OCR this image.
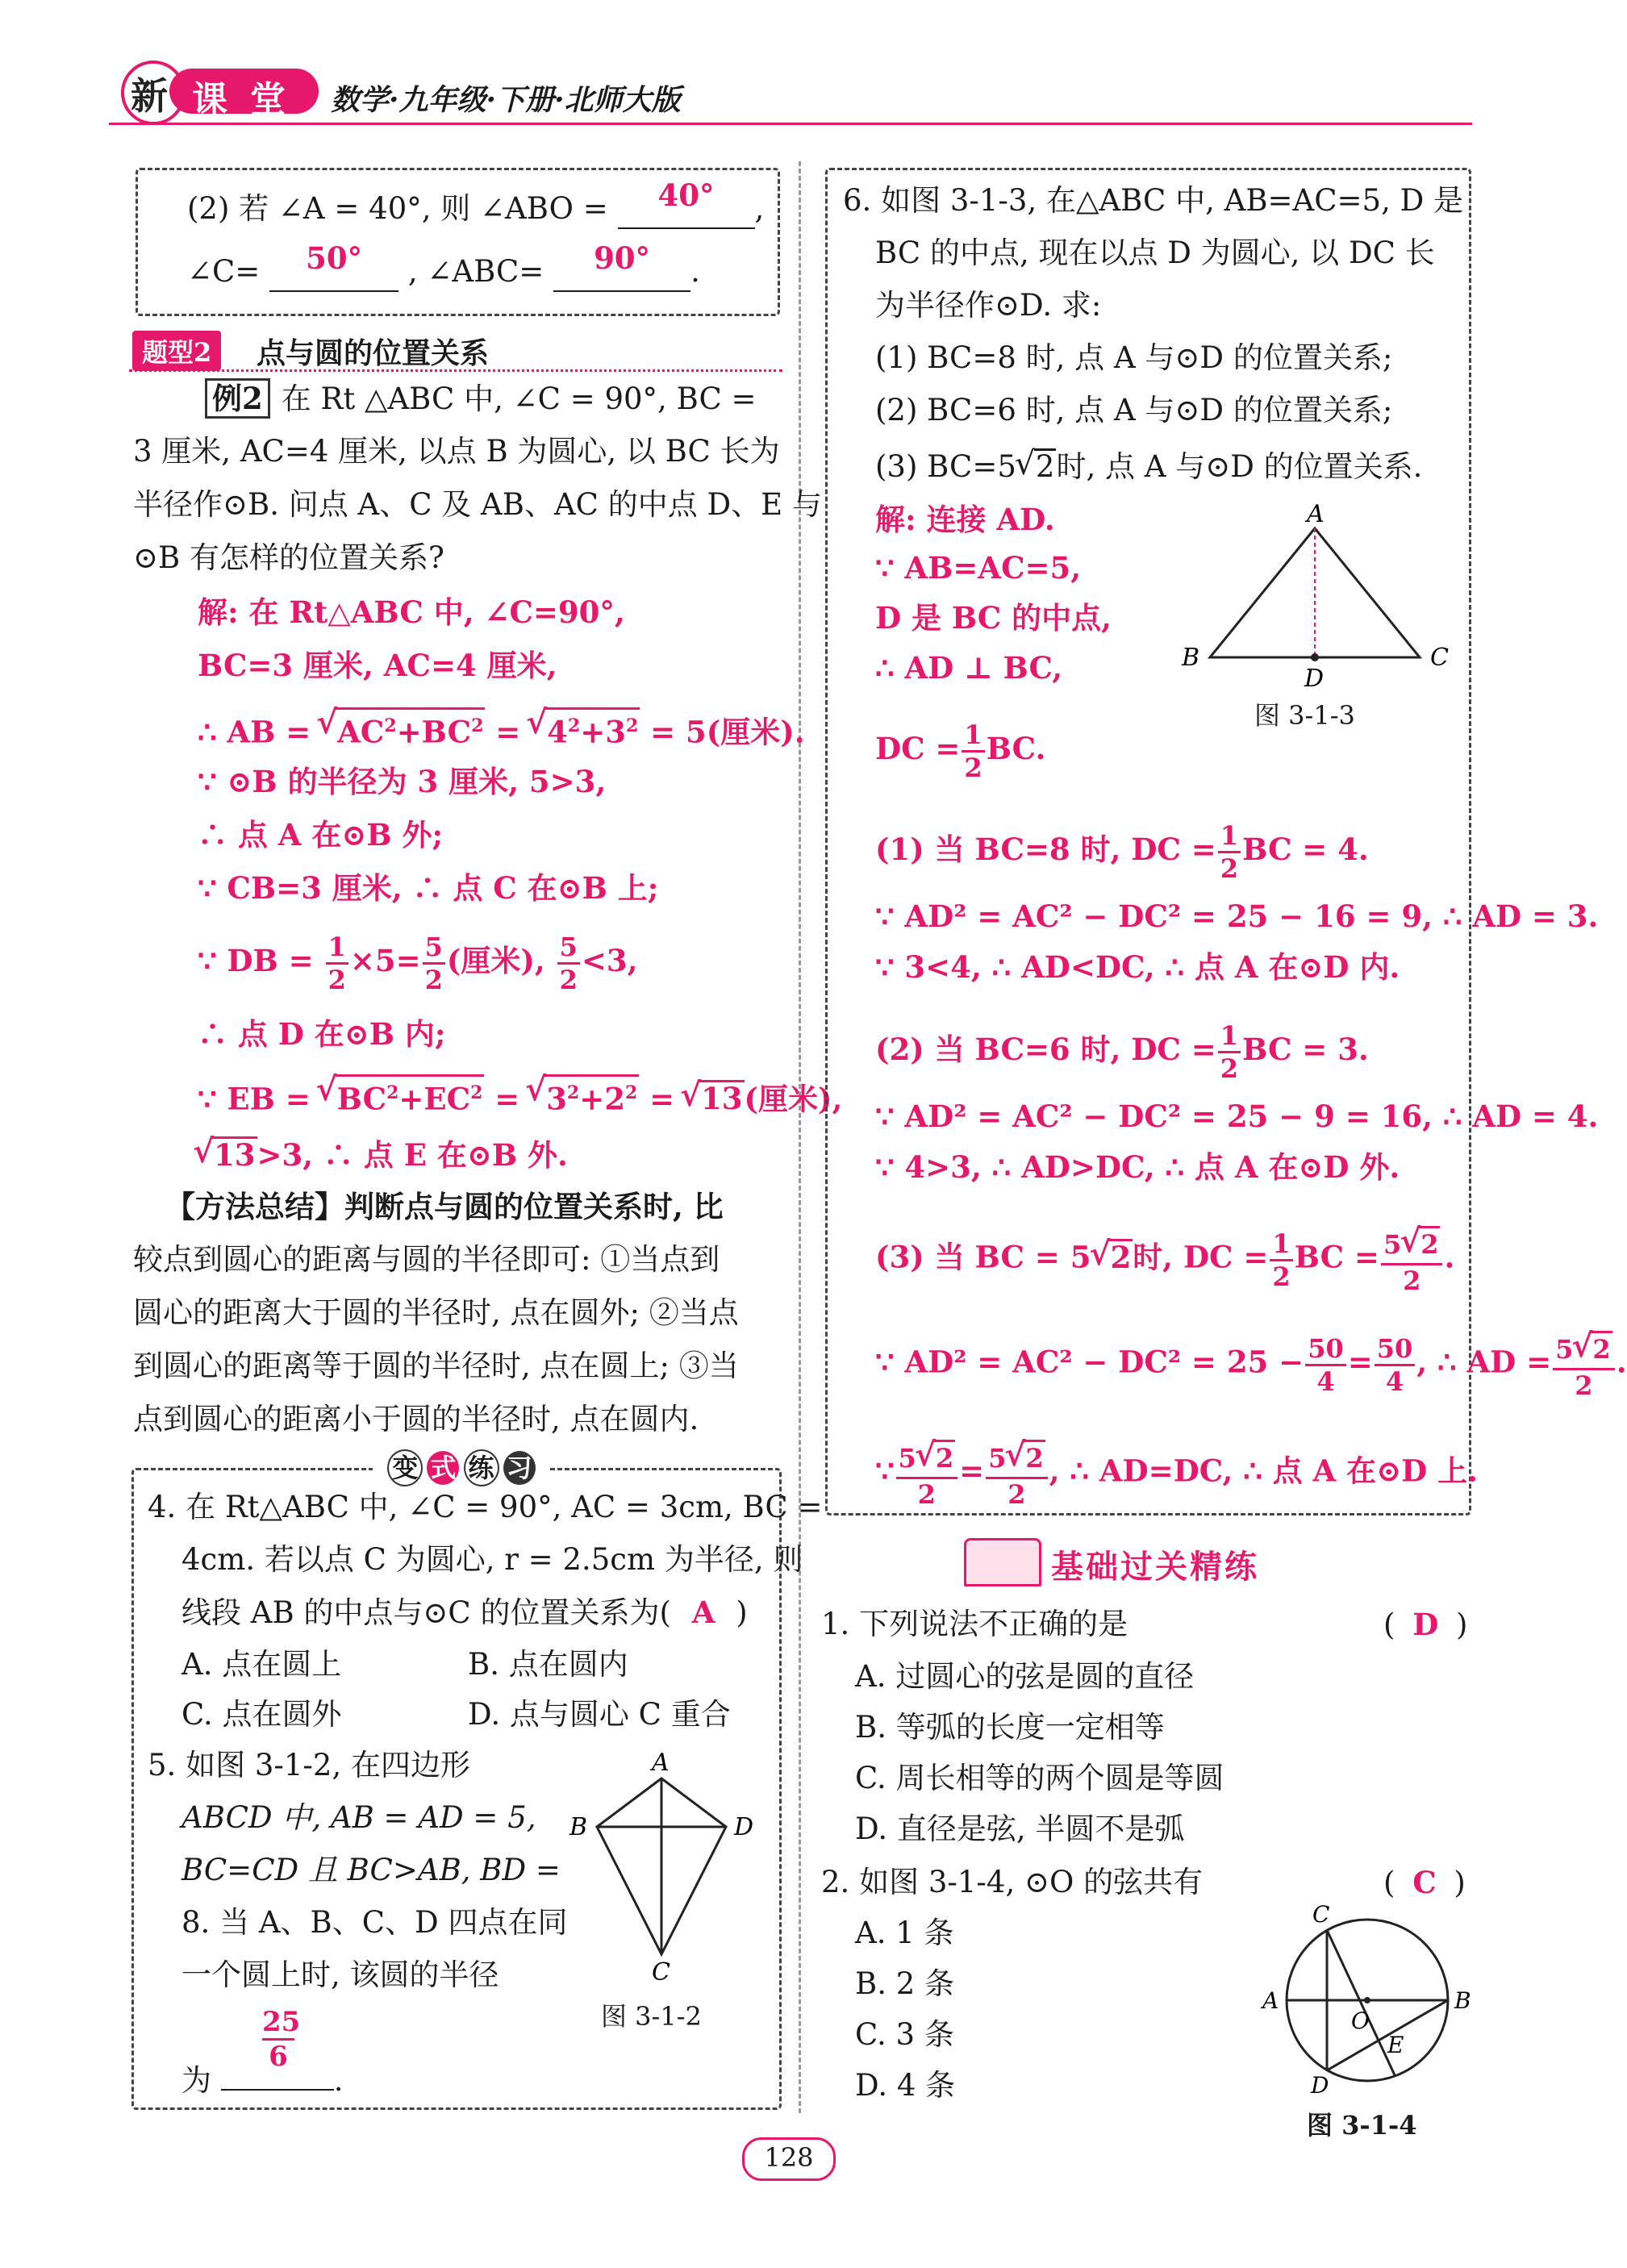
新 课 堂 数学·九年级·下册·北师大版
(2) 若 ∠A = 40°, 则 ∠ABO = 40° ,
∠C= 50° , ∠ABC= 90° .
题型2	点与圆的位置关系
例2 在 Rt △ABC 中, ∠C = 90°, BC =
3 厘米, AC=4 厘米, 以点 B 为圆心, 以 BC 长为
半径作⊙B. 问点 A、C 及 AB、AC 的中点 D、E 与
⊙B 有怎样的位置关系?
解: 在 Rt△ABC 中, ∠C=90°,
BC=3 厘米, AC=4 厘米,
∴ AB = √ $AC^2+BC^2$ = √ $4^2+3^2 = 5$(厘米).
∵ ⊙B 的半径为 3 厘米, 5>3,
∴ 点 A 在⊙B 外;
∵ CB=3 厘米, ∴ 点 C 在⊙B 上;
∵ DB = $\frac{1}{2} \times 5= \frac{5}{2}$ (厘米), $\frac{5}{2} <3$,
∴ 点 D 在⊙B 内;
∵ EB = √ $BC^2+EC^2$ = √ $3^2+2^2$ = √ 13(厘米),
√ 13>3, ∴ 点 E 在⊙B 外.
【方法总结】判断点与圆的位置关系时, 比
较点到圆心的距离与圆的半径即可: ①当点到
圆心的距离大于圆的半径时, 点在圆外; ②当点
到圆心的距离等于圆的半径时, 点在圆上; ③当
点到圆心的距离小于圆的半径时, 点在圆内.
变 式 练 习
4. 在 Rt△ABC 中, ∠C = 90°, AC = 3cm, BC =
4cm. 若以点 C 为圆心, r = 2.5cm 为半径, 则
线段 AB 的中点与⊙C 的位置关系为( A )
A. 点在圆上	B. 点在圆内
C. 点在圆外	D. 点与圆心 C 重合
5. 如图 3-1-2, 在四边形
ABCD 中, AB = AD = 5,
BC=CD 且 BC>AB, BD =
8. 当 A、B、C、D 四点在同
一个圆上时, 该圆的半径
为	.
$\frac{25}{6}$
A
B	D
C
图 3-1-2
6. 如图 3-1-3, 在△ABC 中, AB=AC=5, D 是
BC 的中点, 现在以点 D 为圆心, 以 DC 长
为半径作⊙D. 求:
(1) BC=8 时, 点 A 与⊙D 的位置关系;
(2) BC=6 时, 点 A 与⊙D 的位置关系;
(3) BC=5 √ 2时, 点 A 与⊙D 的位置关系.
解: 连接 AD.
∵ AB=AC=5,
D 是 BC 的中点,
∴ AD ⊥ BC,
DC = $\frac{1}{2}$ BC.
A
B	C
D
图 3-1-3
(1) 当 BC=8 时, DC = $\frac{1}{2}$ BC = 4.
∵ AD² = AC² − DC² = 25 − 16 = 9, ∴ AD = 3.
∵ 3<4, ∴ AD<DC, ∴ 点 A 在⊙D 内.
(2) 当 BC=6 时, DC = $\frac{1}{2}$ BC = 3.
∵ AD² = AC² − DC² = 25 − 9 = 16, ∴ AD = 4.
∵ 4>3, ∴ AD>DC, ∴ 点 A 在⊙D 外.
(3) 当 BC = 5 √ 2时, DC = $\frac{1}{2}$ BC = $\frac{5 √ 2}{2}$ .
∵ $AD^2 = AC^2 - DC^2 = 25 - \frac{50}{4} = \frac{50}{4}$ , ∴ AD = $\frac{5 √ 2}{2}$ .
∵ $\frac{5 √ 2}{2} = \frac{5 √ 2}{2}$ , ∴ AD=DC, ∴ 点 A 在⊙D 上.
基础过关精练
1. 下列说法不正确的是	( D )
A. 过圆心的弦是圆的直径
B. 等弧的长度一定相等
C. 周长相等的两个圆是等圆
D. 直径是弦, 半圆不是弧
2. 如图 3-1-4, ⊙O 的弦共有	( C )
A. 1 条
B. 2 条
C. 3 条
D. 4 条
C
A	B
O
E
D
图 3-1-4
128
